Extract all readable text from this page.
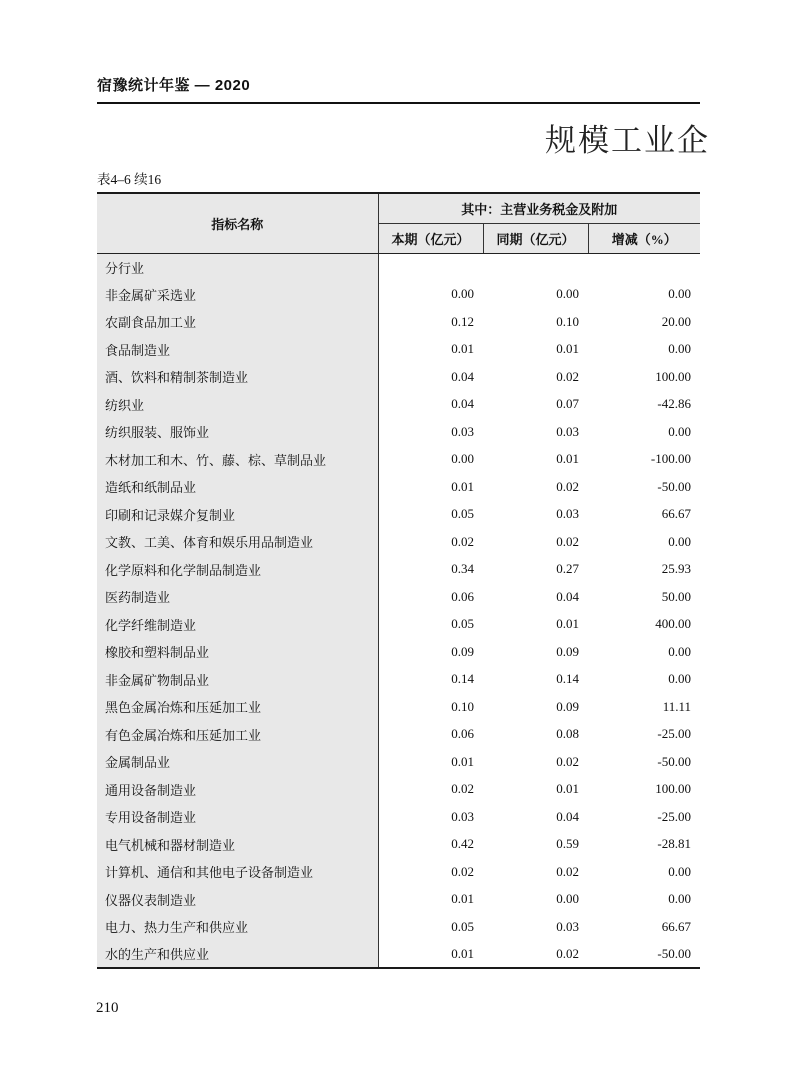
宿豫统计年鉴 — 2020
规模工业企
表4–6 续16
指标名称	其中：主营业务税金及附加		
	本期（亿元）	同期（亿元）	增减（%）
分行业			
非金属矿采选业	0.00	0.00	0.00
农副食品加工业	0.12	0.10	20.00
食品制造业	0.01	0.01	0.00
酒、饮料和精制茶制造业	0.04	0.02	100.00
纺织业	0.04	0.07	-42.86
纺织服装、服饰业	0.03	0.03	0.00
木材加工和木、竹、藤、棕、草制品业	0.00	0.01	-100.00
造纸和纸制品业	0.01	0.02	-50.00
印刷和记录媒介复制业	0.05	0.03	66.67
文教、工美、体育和娱乐用品制造业	0.02	0.02	0.00
化学原料和化学制品制造业	0.34	0.27	25.93
医药制造业	0.06	0.04	50.00
化学纤维制造业	0.05	0.01	400.00
橡胶和塑料制品业	0.09	0.09	0.00
非金属矿物制品业	0.14	0.14	0.00
黑色金属冶炼和压延加工业	0.10	0.09	11.11
有色金属冶炼和压延加工业	0.06	0.08	-25.00
金属制品业	0.01	0.02	-50.00
通用设备制造业	0.02	0.01	100.00
专用设备制造业	0.03	0.04	-25.00
电气机械和器材制造业	0.42	0.59	-28.81
计算机、通信和其他电子设备制造业	0.02	0.02	0.00
仪器仪表制造业	0.01	0.00	0.00
电力、热力生产和供应业	0.05	0.03	66.67
水的生产和供应业	0.01	0.02	-50.00
210
